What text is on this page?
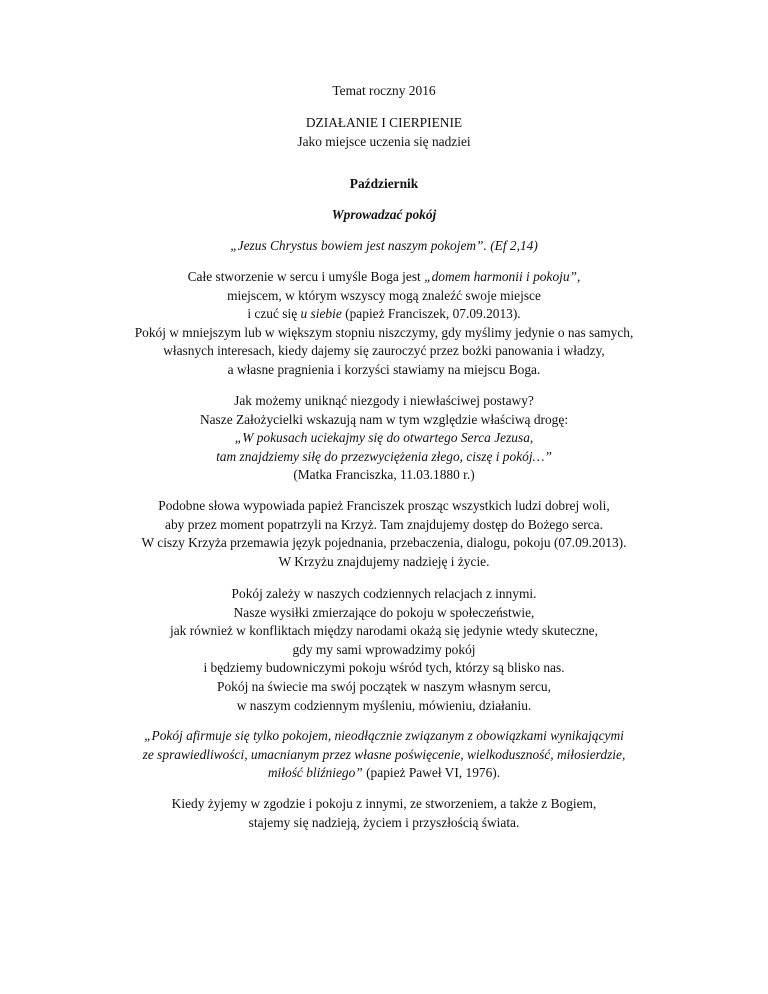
Temat roczny 2016
DZIAŁANIE I CIERPIENIE
Jako miejsce uczenia się nadziei
Październik
Wprowadzać pokój
„Jezus Chrystus bowiem jest naszym pokojem”. (Ef 2,14)
Całe stworzenie w sercu i umyśle Boga jest „domem harmonii i pokoju”,
miejscem, w którym wszyscy mogą znaleźć swoje miejsce
i czuć się u siebie (papież Franciszek, 07.09.2013).
Pokój w mniejszym lub w większym stopniu niszczymy, gdy myślimy jedynie o nas samych,
własnych interesach, kiedy dajemy się zauroczyć przez bożki panowania i władzy,
a własne pragnienia i korzyści stawiamy na miejscu Boga.
Jak możemy uniknąć niezgody i niewłaściwej postawy?
Nasze Założycielki wskazują nam w tym względzie właściwą drogę:
„W pokusach uciekajmy się do otwartego Serca Jezusa,
tam znajdziemy siłę do przezwyciężenia złego, ciszę i pokój…”
(Matka Franciszka, 11.03.1880 r.)
Podobne słowa wypowiada papież Franciszek prosząc wszystkich ludzi dobrej woli,
aby przez moment popatrzyli na Krzyż. Tam znajdujemy dostęp do Bożego serca.
W ciszy Krzyża przemawia język pojednania, przebaczenia, dialogu, pokoju (07.09.2013).
W Krzyżu znajdujemy nadzieję i życie.
Pokój zależy w naszych codziennych relacjach z innymi.
Nasze wysiłki zmierzające do pokoju w społeczeństwie,
jak również w konfliktach między narodami okażą się jedynie wtedy skuteczne,
gdy my sami wprowadzimy pokój
i będziemy budowniczymi pokoju wśród tych, którzy są blisko nas.
Pokój na świecie ma swój początek w naszym własnym sercu,
w naszym codziennym myśleniu, mówieniu, działaniu.
„Pokój afirmuje się tylko pokojem, nieodłącznie związanym z obowiązkami wynikającymi
ze sprawiedliwości, umacnianym przez własne poświęcenie, wielkoduszność, miłosierdzie,
miłość bliźniego” (papież Paweł VI, 1976).
Kiedy żyjemy w zgodzie i pokoju z innymi, ze stworzeniem, a także z Bogiem,
stajemy się nadzieją, życiem i przyszłością świata.
